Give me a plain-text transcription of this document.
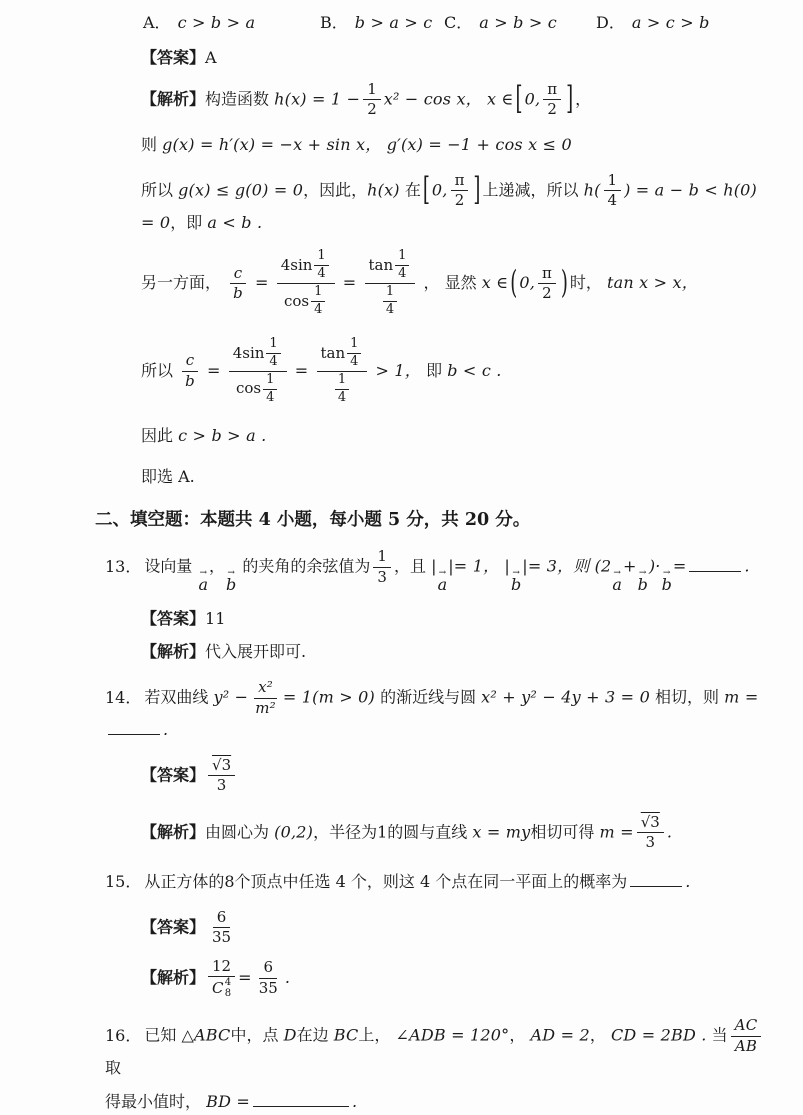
A． c > b > a	B． b > a > c C． a > b > c D． a > c > b

【答案】A

【解析】构造函数 $h(x) = 1 - \frac{1}{2} x^2 - \cos x$， x ∈ [ 0, $\frac{\pi}{2}$ ] ，

则 g(x) = h′(x) = −x + sin x， g′(x) = −1 + cos x ≤ 0

所以 g(x) ≤ g(0) = 0，因此，h(x) 在 [ 0, $\frac{\pi}{2}$ ] 上递减，所以 $h( \frac{1}{4}$ ) = a − b < h(0) = 0，即 a < b .

另一方面， $\frac{c}{b} = \frac{4\sin \frac{1}{4}}{\cos \frac{1}{4}} = \frac{\tan \frac{1}{4}}{\frac{1}{4}}$ ， 显然 x ∈ ( 0, $\frac{\pi}{2}$ ) 时， tan x > x，

所以 $\frac{c}{b} = \frac{4\sin \frac{1}{4}}{\cos \frac{1}{4}} = \frac{\tan \frac{1}{4}}{\frac{1}{4}} > 1$， 即 b < c .

因此 c > b > a .

即选 A.

二、填空题：本题共 4 小题，每小题 5 分，共 20 分。

13． 设向量 →
a
， →
b
的夹角的余弦值为 $\frac{1}{3}$ ，且 | →
a
|= 1， | →
b
|= 3，则 (2 →
a
+ →
b
)· →
b
=	.

【答案】11

【解析】代入展开即可.

14． 若双曲线 $y^2 - \frac{\text{x²}}{\text{m²}} = 1(m > 0)$ 的渐近线与圆 x² + y² − 4y + 3 = 0 相切，则 m =.

【答案】 $\frac{√3}{3}$

【解析】由圆心为 (0,2)，半径为1的圆与直线 x = my相切可得 $m = \frac{√3}{3}$ .

15． 从正方体的8个顶点中任选 4 个，则这 4 个点在同一平面上的概率为	.

【答案】 $\frac{6}{35}$

【解析】 12
C 4
$8 = \frac{6}{35}$ .

16． 已知 △ABC中，点 D在边 BC上， ∠ADB = 120°， AD = 2， CD = 2BD . 当 $\frac{AC}{AB}$
取

得最小值时， BD =	.
